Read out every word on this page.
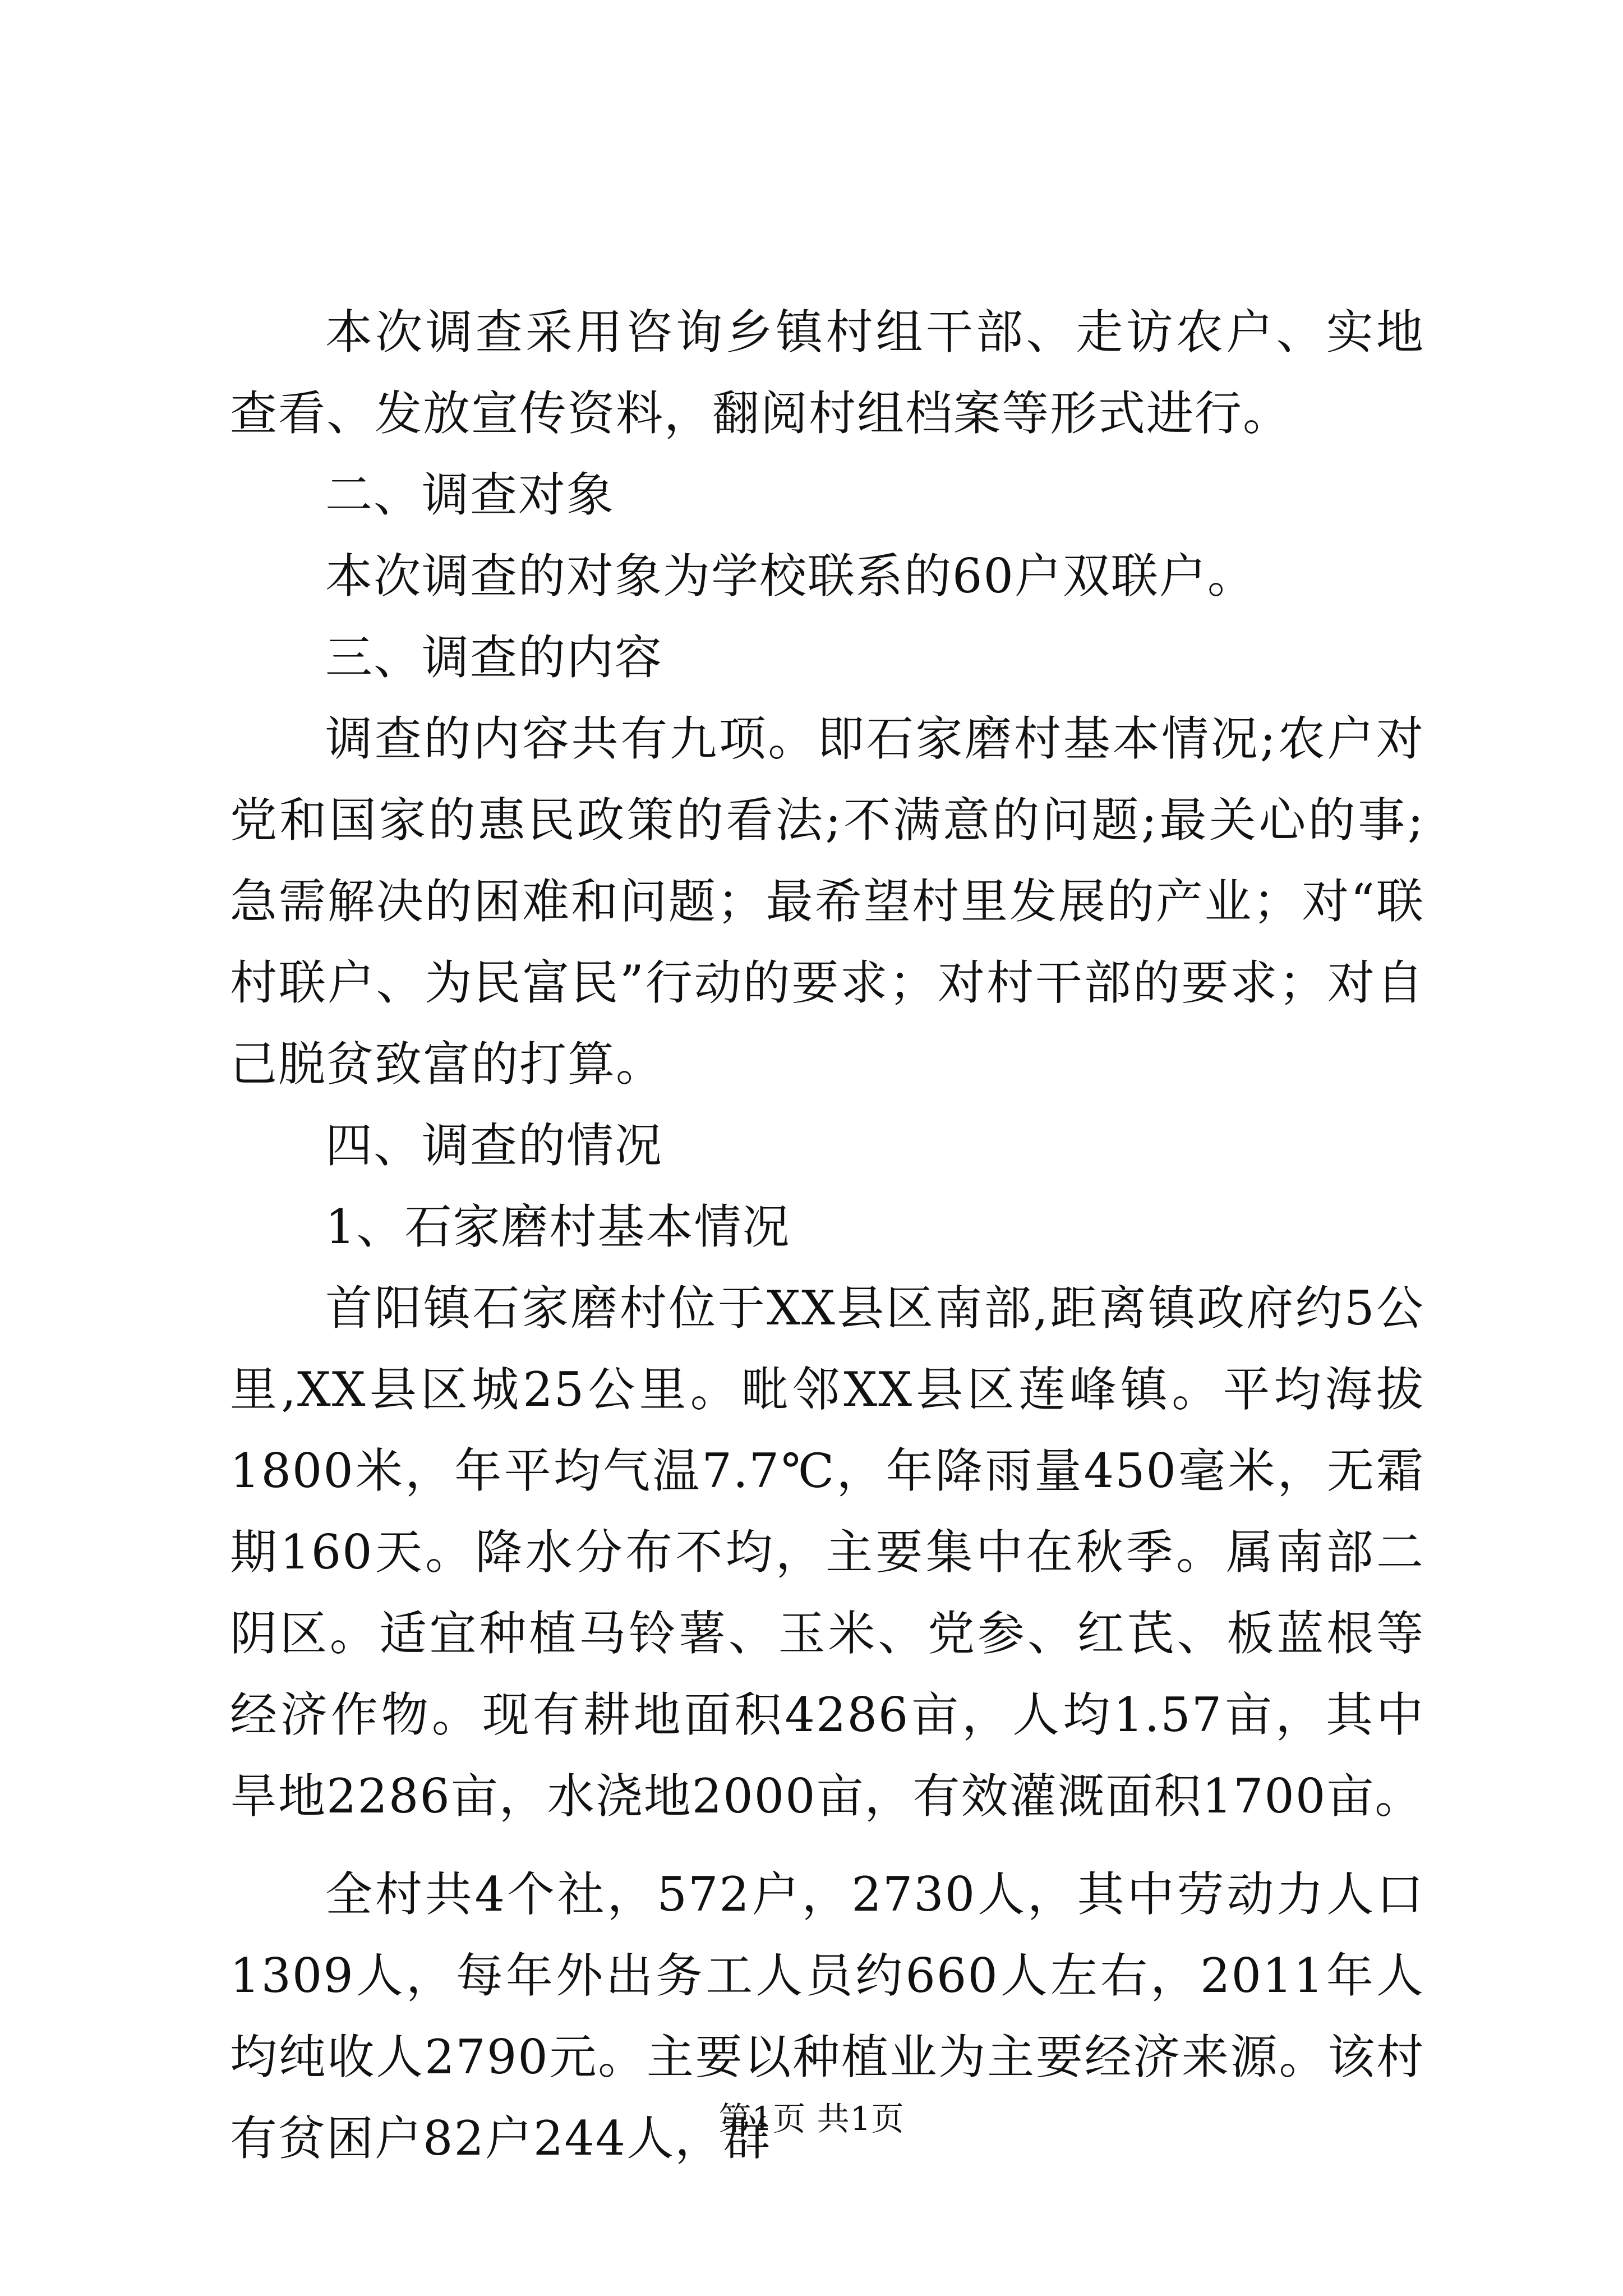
本次调查采用咨询乡镇村组干部、走访农户、实地查看、发放宣传资料，翻阅村组档案等形式进行。

二、调查对象

本次调查的对象为学校联系的60户双联户。

三、调查的内容

调查的内容共有九项。即石家磨村基本情况;农户对党和国家的惠民政策的看法;不满意的问题;最关心的事;急需解决的困难和问题；最希望村里发展的产业；对“联村联户、为民富民”行动的要求；对村干部的要求；对自己脱贫致富的打算。

四、调查的情况

1、石家磨村基本情况

首阳镇石家磨村位于XX县区南部,距离镇政府约5公里,XX县区城25公里。毗邻XX县区莲峰镇。平均海拔1800米，年平均气温7.7℃，年降雨量450毫米，无霜期160天。降水分布不均，主要集中在秋季。属南部二阴区。适宜种植马铃薯、玉米、党参、红芪、板蓝根等经济作物。现有耕地面积4286亩，人均1.57亩，其中旱地2286亩，水浇地2000亩，有效灌溉面积1700亩。

全村共4个社，572户，2730人，其中劳动力人口1309人，每年外出务工人员约660人左右，2011年人均纯收人2790元。主要以种植业为主要经济来源。该村有贫困户82户244人，群

第1页 共1页
